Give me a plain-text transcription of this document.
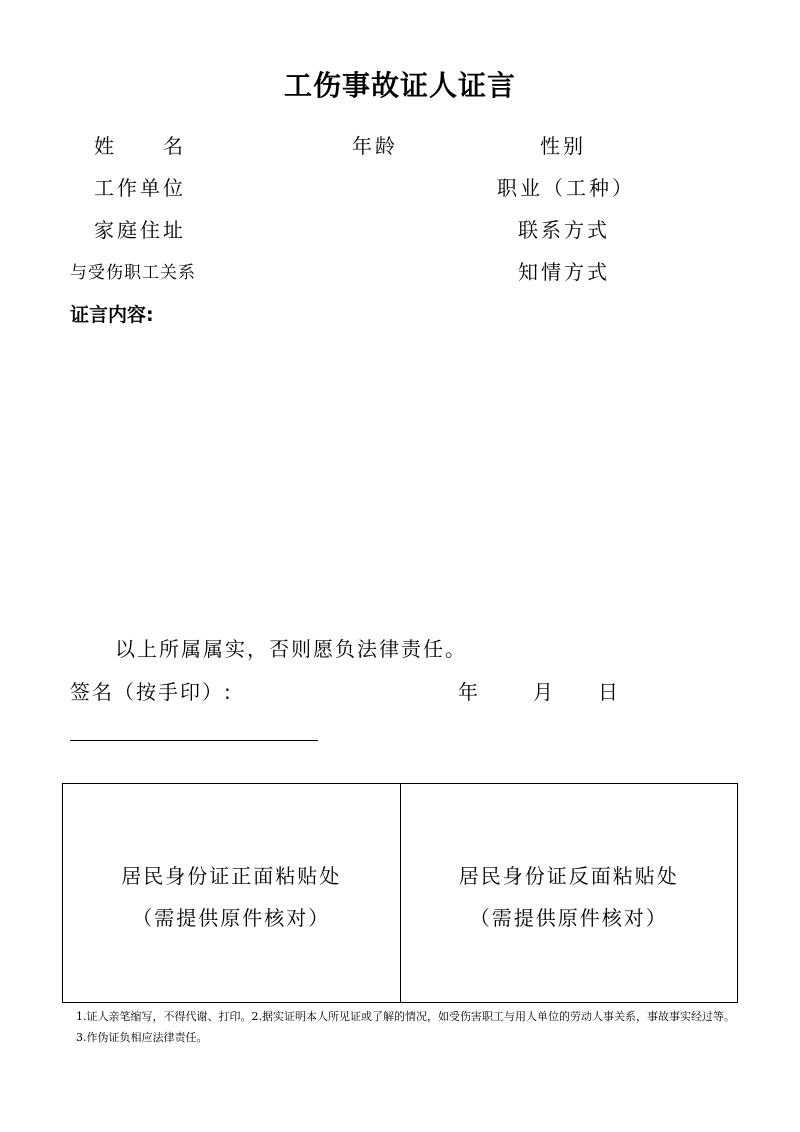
工伤事故证人证言
姓　　名	年龄	性别
工作单位	职业（工种）
家庭住址	联系方式
与受伤职工关系	知情方式
证言内容:
以上所属属实，否则愿负法律责任。
签名（按手印）:	年	月 日
居民身份证正面粘贴处
（需提供原件核对）
居民身份证反面粘贴处
（需提供原件核对）
1.证人亲笔缩写，不得代谢、打印。2.据实证明本人所见证或了解的情况，如受伤害职工与用人单位的劳动人事关系，事故事实经过等。3.作伪证负相应法律责任。
